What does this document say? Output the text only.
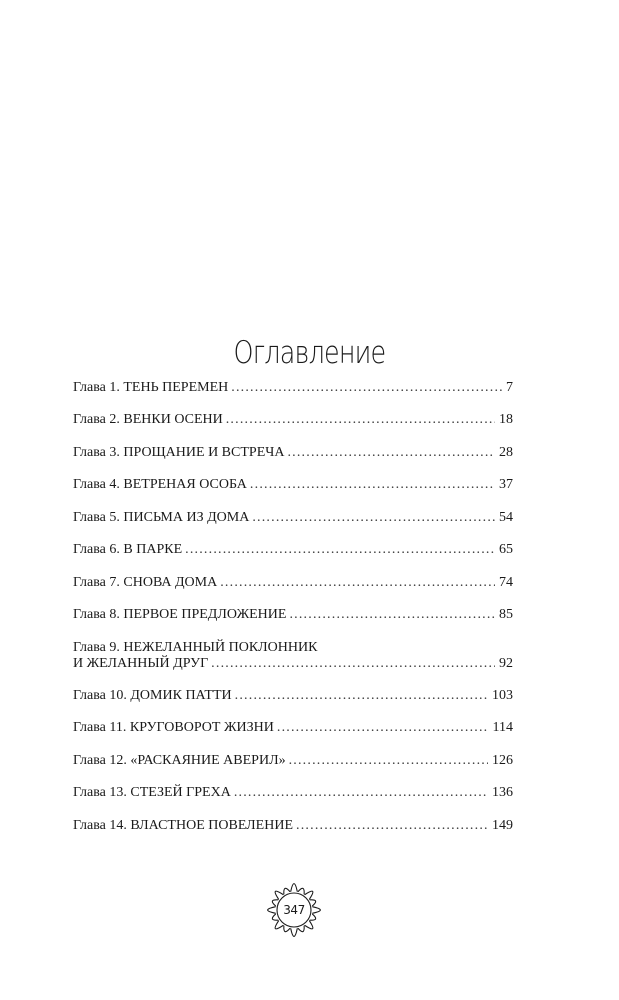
Оглавление
Глава 1. ТЕНЬ ПЕРЕМЕН .....	7
Глава 2. ВЕНКИ ОСЕНИ .....	18
Глава 3. ПРОЩАНИЕ И ВСТРЕЧА .....	28
Глава 4. ВЕТРЕНАЯ ОСОБА .....	37
Глава 5. ПИСЬМА ИЗ ДОМА .....	54
Глава 6. В ПАРКЕ .....	65
Глава 7. СНОВА ДОМА .....	74
Глава 8. ПЕРВОЕ ПРЕДЛОЖЕНИЕ .....	85
Глава 9. НЕЖЕЛАННЫЙ ПОКЛОННИК
И ЖЕЛАННЫЙ ДРУГ .....	92
Глава 10. ДОМИК ПАТТИ .....	103
Глава 11. КРУГОВОРОТ ЖИЗНИ .....	114
Глава 12. «РАСКАЯНИЕ АВЕРИЛ» .....	126
Глава 13. СТЕЗЕЙ ГРЕХА .....	136
Глава 14. ВЛАСТНОЕ ПОВЕЛЕНИЕ .....	149
347
